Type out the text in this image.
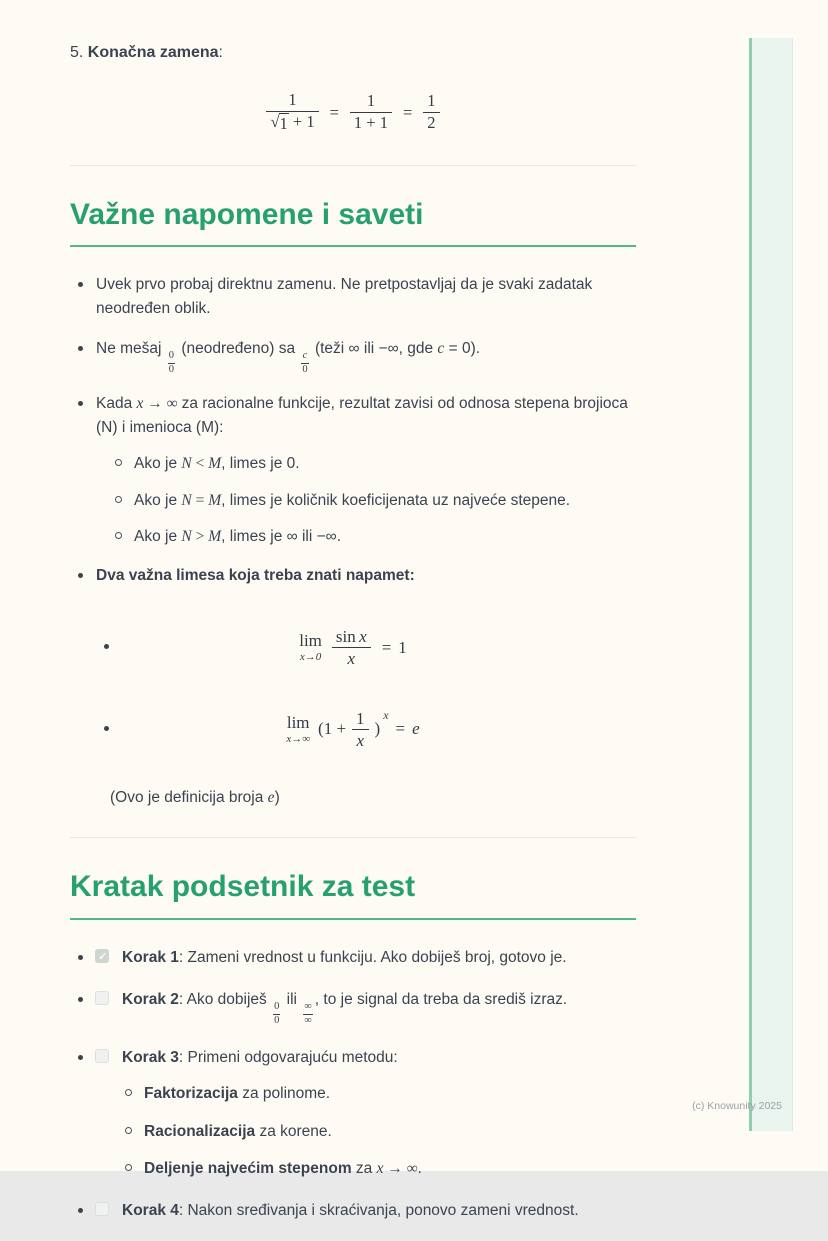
(c) Knowunity 2025
5. Konačna zamena:
$\frac{1}{√ 1 + 1} = \frac{1}{1 + 1} = \frac{1}{2}$
Važne napomene i saveti
Uvek prvo probaj direktnu zamenu. Ne pretpostavljaj da je svaki zadatak neodređen oblik.
Ne mešaj
$\frac{0}{0}$
(neodređeno) sa
$\frac{c}{0}$
(teži ∞ ili −∞, gde c = 0).
Kada x → ∞ za racionalne funkcije, rezultat zavisi od odnosa stepena brojioca (N) i imenioca (M):
Ako je N < M, limes je 0.
Ako je N = M, limes je količnik koeficijenata uz najveće stepene.
Ako je N > M, limes je ∞ ili −∞.
Dva važna limesa koja treba znati napamet:
lim
$x\to 0 \frac{\text{sin  x}}{x} = 1$
lim
x→∞
($1 + \frac{1}{x}$ )
x
= e
(Ovo je definicija broja e)
Kratak podsetnik za test
✓
Korak 1: Zameni vrednost u funkciju. Ako dobiješ broj, gotovo je.
Korak 2: Ako dobiješ
$\frac{0}{0}$
ili ∞
∞
, to je signal da treba da središ izraz.
Korak 3: Primeni odgovarajuću metodu:
Faktorizacija za polinome.
Racionalizacija za korene.
Deljenje najvećim stepenom za x → ∞.
Korak 4: Nakon sređivanja i skraćivanja, ponovo zameni vrednost.
